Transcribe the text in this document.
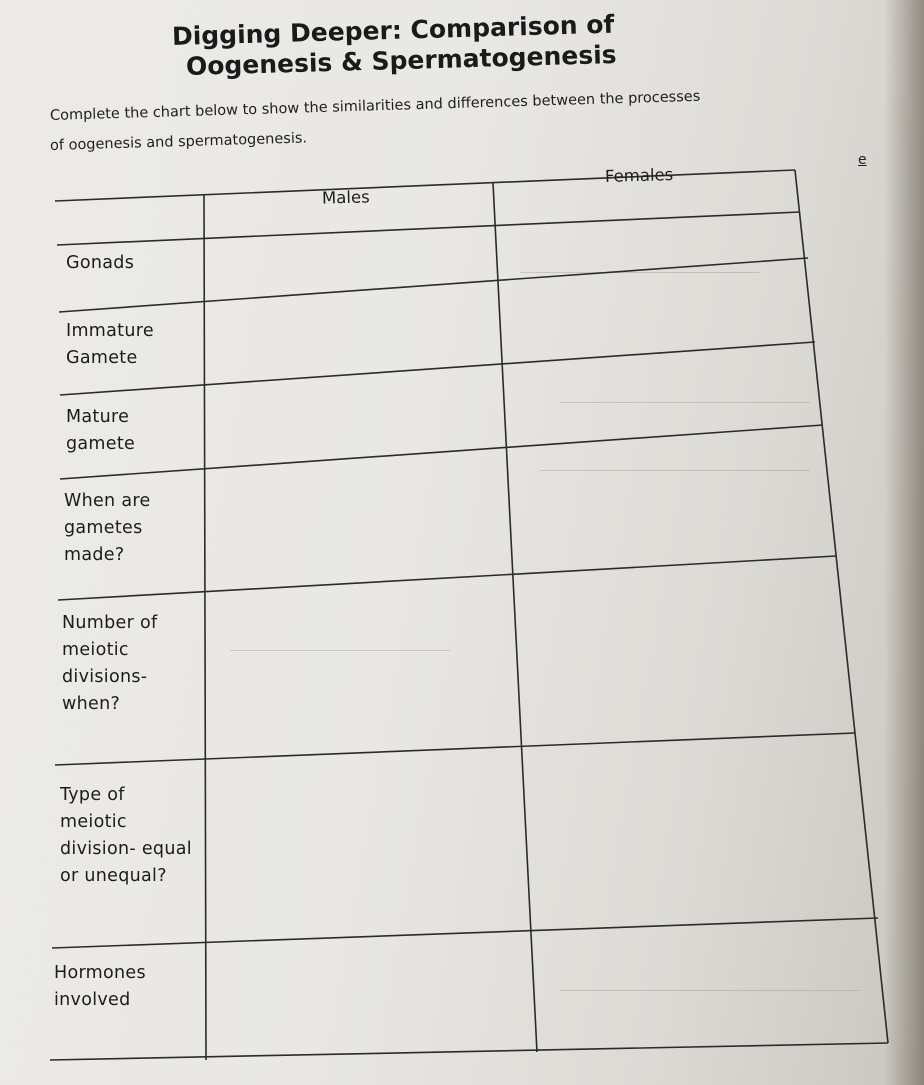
Digging Deeper: Comparison of
Oogenesis & Spermatogenesis
Complete the chart below to show the similarities and differences between the processes
of oogenesis and spermatogenesis.
e
Males
Females
Gonads
Immature
Gamete
Mature
gamete
When are
gametes
made?
Number of
meiotic
divisions-
when?
Type of
meiotic
division- equal
or unequal?
Hormones
involved
